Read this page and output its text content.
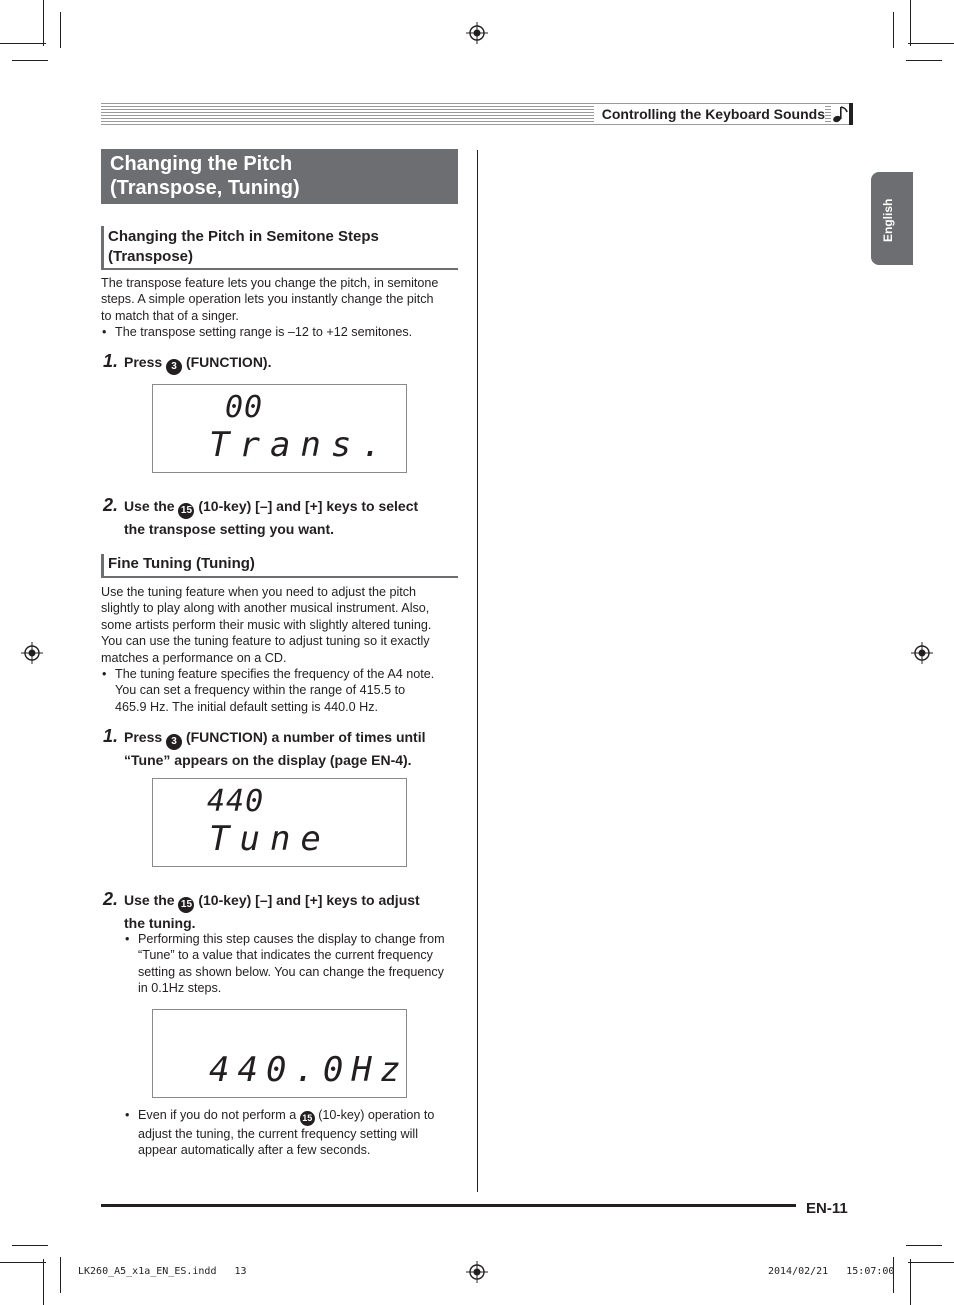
Controlling the Keyboard Sounds
English
Changing the Pitch
(Transpose, Tuning)
Changing the Pitch in Semitone Steps
(Transpose)
The transpose feature lets you change the pitch, in semitone
steps. A simple operation lets you instantly change the pitch
to match that of a singer.
• The transpose setting range is –12 to +12 semitones.
1. Press 3 (FUNCTION).
00
Trans.
2. Use the 15 (10-key) [–] and [+] keys to select
the transpose setting you want.
Fine Tuning (Tuning)
Use the tuning feature when you need to adjust the pitch
slightly to play along with another musical instrument. Also,
some artists perform their music with slightly altered tuning.
You can use the tuning feature to adjust tuning so it exactly
matches a performance on a CD.
• The tuning feature specifies the frequency of the A4 note.
You can set a frequency within the range of 415.5 to
465.9 Hz. The initial default setting is 440.0 Hz.
1. Press 3 (FUNCTION) a number of times until
“Tune” appears on the display (page EN-4).
440
Tune
2. Use the 15 (10-key) [–] and [+] keys to adjust
the tuning.
• Performing this step causes the display to change from
“Tune” to a value that indicates the current frequency
setting as shown below. You can change the frequency
in 0.1Hz steps.
440.0Hz
• Even if you do not perform a 15 (10-key) operation to
adjust the tuning, the current frequency setting will
appear automatically after a few seconds.
EN-11
LK260_A5_x1a_EN_ES.indd   13	2014/02/21   15:07:00
